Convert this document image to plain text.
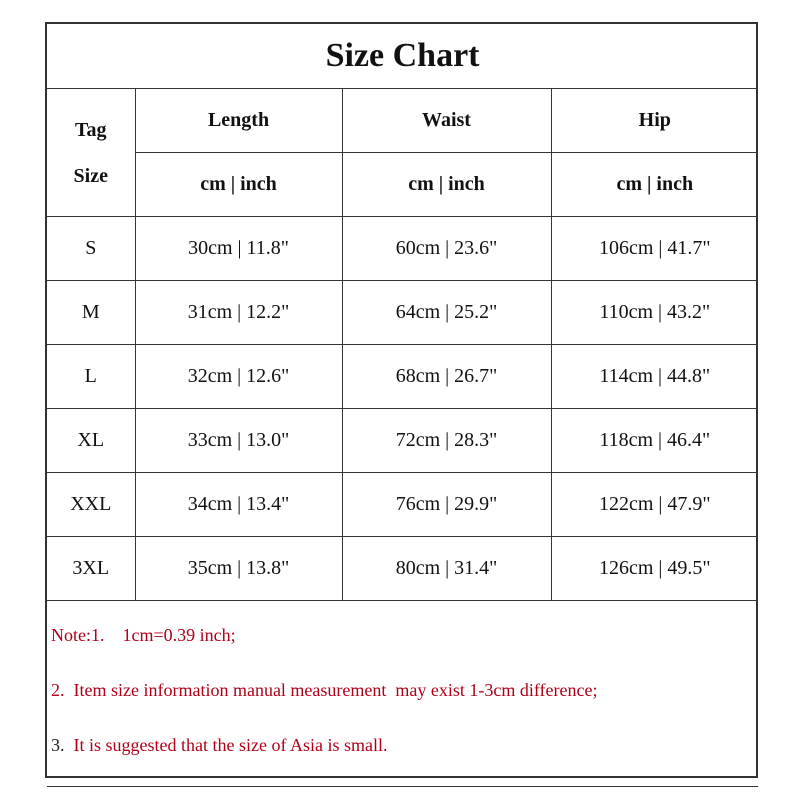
Size Chart			

Tag
Size	Length	Waist	Hip
	cm | inch	cm | inch	cm | inch
S	30cm | 11.8"	60cm | 23.6"	106cm | 41.7"
M	31cm | 12.2"	64cm | 25.2"	110cm | 43.2"
L	32cm | 12.6"	68cm | 26.7"	114cm | 44.8"
XL	33cm | 13.0"	72cm | 28.3"	118cm | 46.4"
XXL	34cm | 13.4"	76cm | 29.9"	122cm | 47.9"
3XL	35cm | 13.8"	80cm | 31.4"	126cm | 49.5"

Note:1.    1cm=0.39 inch;
2.  Item size information manual measurement  may exist 1-3cm difference;
3.  It is suggested that the size of Asia is small.			
